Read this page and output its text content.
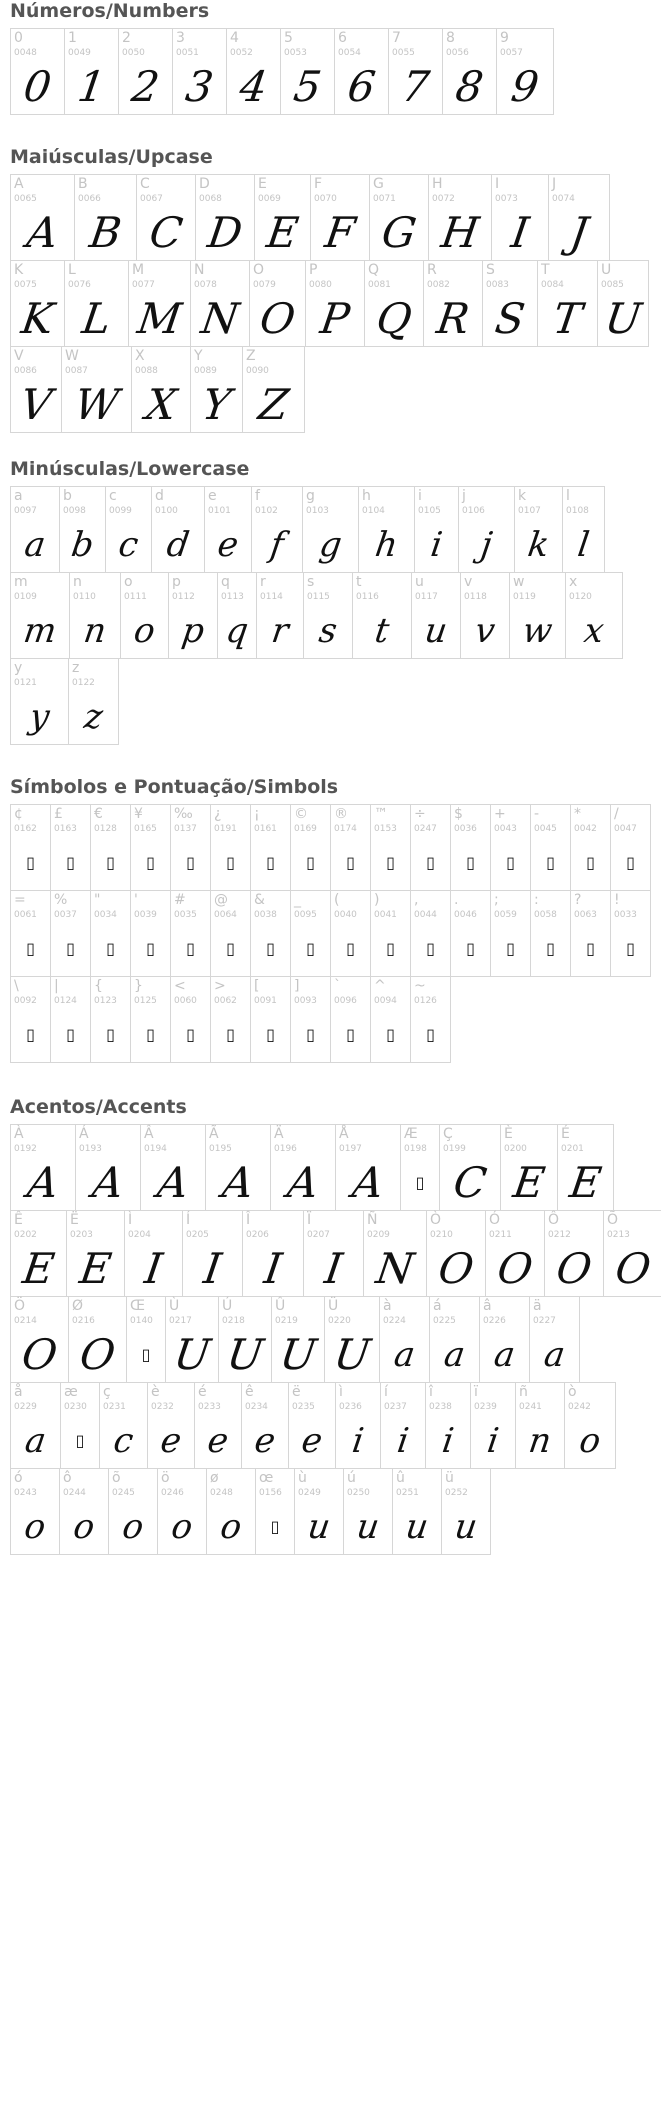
Números/Numbers
0
0048
0
1
0049
1
2
0050
2
3
0051
3
4
0052
4
5
0053
5
6
0054
6
7
0055
7
8
0056
8
9
0057
9
Maiúsculas/Upcase
A
0065
A
B
0066
B
C
0067
C
D
0068
D
E
0069
E
F
0070
F
G
0071
G
H
0072
H
I
0073
I
J
0074
J
K
0075
K
L
0076
L
M
0077
M
N
0078
N
O
0079
O
P
0080
P
Q
0081
Q
R
0082
R
S
0083
S
T
0084
T
U
0085
U
V
0086
V
W
0087
W
X
0088
X
Y
0089
Y
Z
0090
Z
Minúsculas/Lowercase
a
0097
a
b
0098
b
c
0099
c
d
0100
d
e
0101
e
f
0102
f
g
0103
g
h
0104
h
i
0105
i
j
0106
j
k
0107
k
l
0108
l
m
0109
m
n
0110
n
o
0111
o
p
0112
p
q
0113
q
r
0114
r
s
0115
s
t
0116
t
u
0117
u
v
0118
v
w
0119
w
x
0120
x
y
0121
y
z
0122
z
Símbolos e Pontuação/Simbols
¢
0162
▯
£
0163
▯
€
0128
▯
¥
0165
▯
‰
0137
▯
¿
0191
▯
¡
0161
▯
©
0169
▯
®
0174
▯
™
0153
▯
÷
0247
▯
$
0036
▯
+
0043
▯
-
0045
▯
*
0042
▯
/
0047
▯
=
0061
▯
%
0037
▯
"
0034
▯
'
0039
▯
#
0035
▯
@
0064
▯
&
0038
▯
_
0095
▯
(
0040
▯
)
0041
▯
,
0044
▯
.
0046
▯
;
0059
▯
:
0058
▯
?
0063
▯
!
0033
▯
\
0092
▯
|
0124
▯
{
0123
▯
}
0125
▯
<
0060
▯
>
0062
▯
[
0091
▯
]
0093
▯
`
0096
▯
^
0094
▯
~
0126
▯
Acentos/Accents
À
0192
A
Á
0193
A
Â
0194
A
Ã
0195
A
Ä
0196
A
Å
0197
A
Æ
0198
▯
Ç
0199
C
È
0200
E
É
0201
E
Ê
0202
E
Ë
0203
E
Ì
0204
I
Í
0205
I
Î
0206
I
Ï
0207
I
Ñ
0209
N
Ò
0210
O
Ó
0211
O
Ô
0212
O
Õ
0213
O
Ö
0214
O
Ø
0216
O
Œ
0140
▯
Ù
0217
U
Ú
0218
U
Û
0219
U
Ü
0220
U
à
0224
a
á
0225
a
â
0226
a
ä
0227
a
å
0229
a
æ
0230
▯
ç
0231
c
è
0232
e
é
0233
e
ê
0234
e
ë
0235
e
ì
0236
i
í
0237
i
î
0238
i
ï
0239
i
ñ
0241
n
ò
0242
o
ó
0243
o
ô
0244
o
õ
0245
o
ö
0246
o
ø
0248
o
œ
0156
▯
ù
0249
u
ú
0250
u
û
0251
u
ü
0252
u
